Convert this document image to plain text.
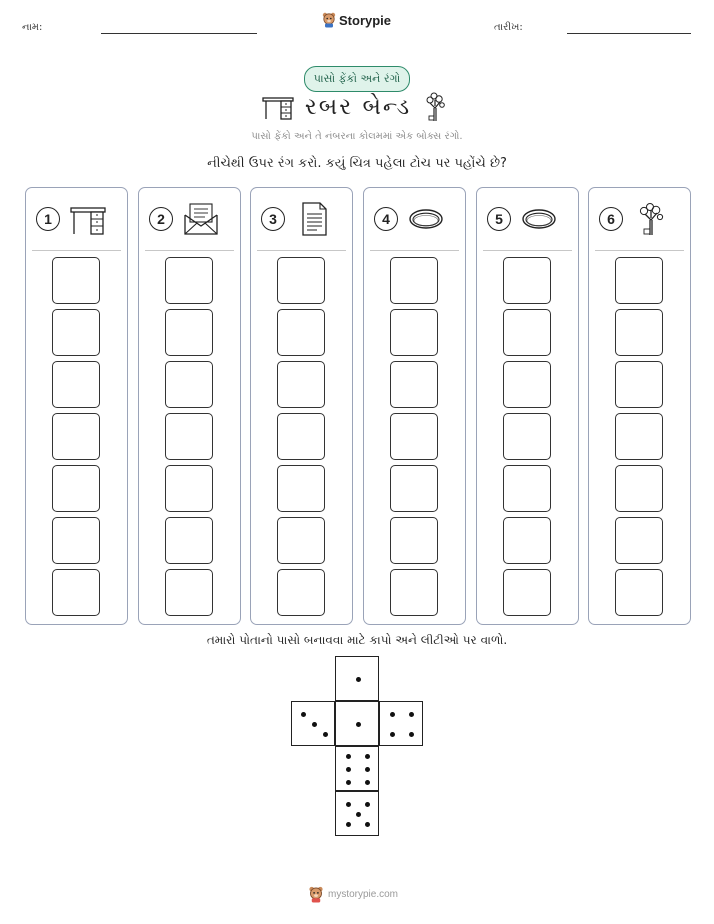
નામ:	Storypie	તારીખ:
પાસો ફેંકો અને રંગો
રબર બેન્ડ
પાસો ફેંકો અને તે નંબરના કોલમમાં એક બોક્સ રંગો.
નીચેથી ઉપર રંગ કરો. કયું ચિત્ર પહેલા ટોચ પર પહોંચે છે?
1	2	3	4	5	6
તમારો પોતાનો પાસો બનાવવા માટે કાપો અને લીટીઓ પર વાળો.
mystorypie.com
